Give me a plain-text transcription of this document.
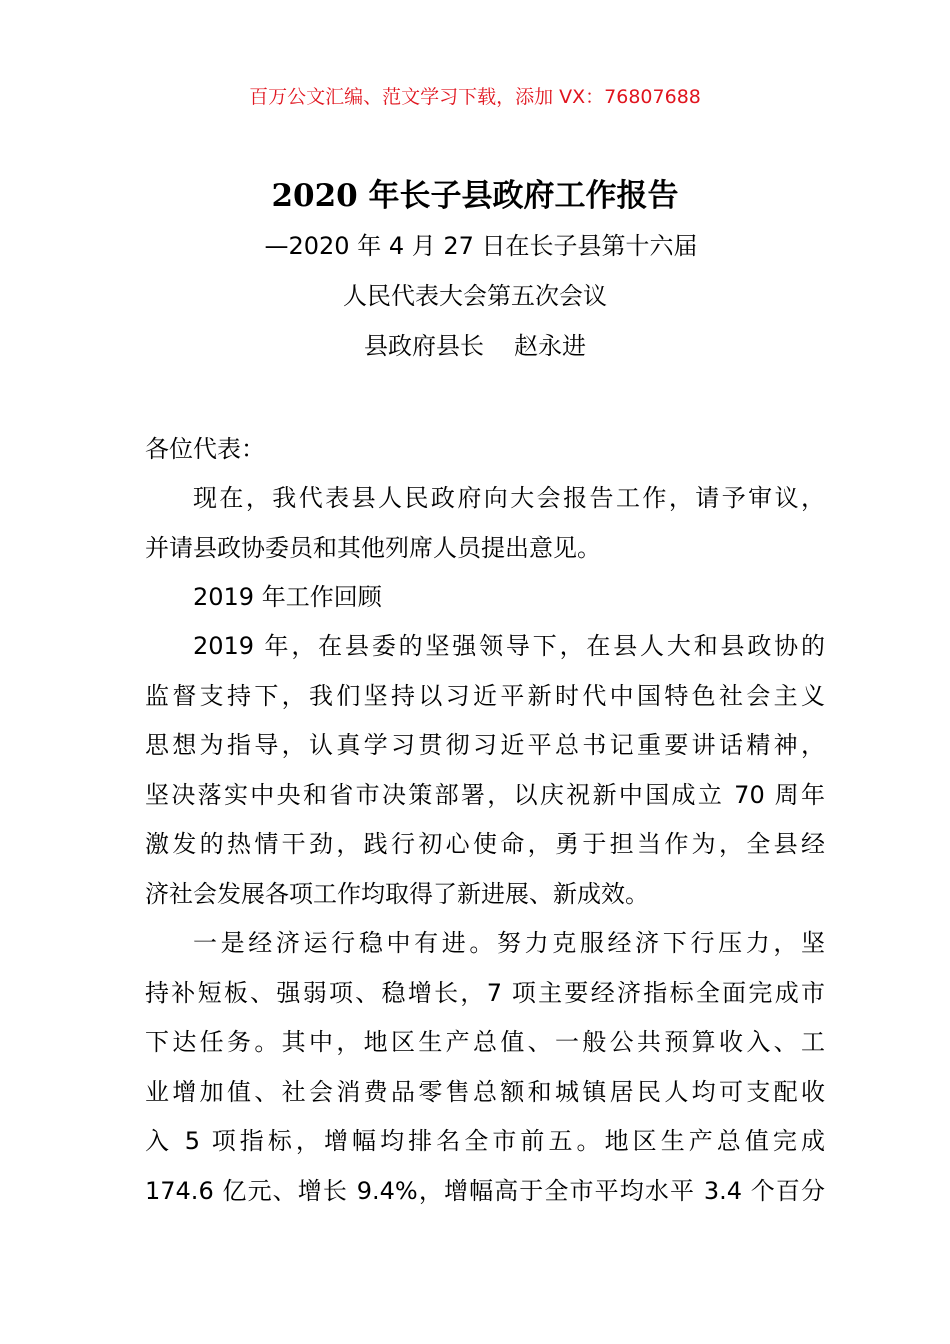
百万公文汇编、范文学习下载，添加 VX：76807688
2020 年长子县政府工作报告
—2020 年 4 月 27 日在长子县第十六届
人民代表大会第五次会议
县政府县长 赵永进
各位代表：
现在，我代表县人民政府向大会报告工作，请予审议，
并请县政协委员和其他列席人员提出意见。
2019 年工作回顾
2019 年，在县委的坚强领导下，在县人大和县政协的
监督支持下，我们坚持以习近平新时代中国特色社会主义
思想为指导，认真学习贯彻习近平总书记重要讲话精神，
坚决落实中央和省市决策部署，以庆祝新中国成立 70 周年
激发的热情干劲，践行初心使命，勇于担当作为，全县经
济社会发展各项工作均取得了新进展、新成效。
一是经济运行稳中有进。努力克服经济下行压力，坚
持补短板、强弱项、稳增长，7 项主要经济指标全面完成市
下达任务。其中，地区生产总值、一般公共预算收入、工
业增加值、社会消费品零售总额和城镇居民人均可支配收
入 5 项指标，增幅均排名全市前五。地区生产总值完成
174.6 亿元、增长 9.4%，增幅高于全市平均水平 3.4 个百分
